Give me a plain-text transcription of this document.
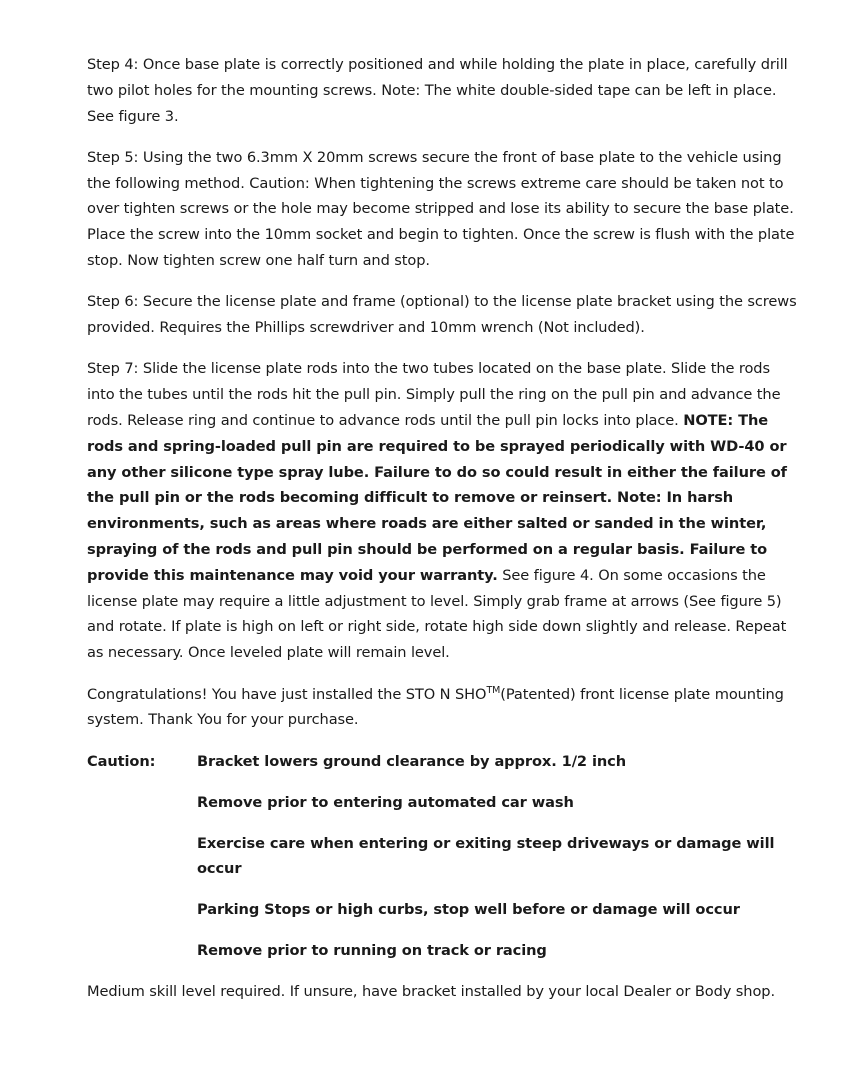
Step 4: Once base plate is correctly positioned and while holding the plate in place, carefully drill two pilot holes for the mounting screws. Note: The white double-sided tape can be left in place. See figure 3.

Step 5: Using the two 6.3mm X 20mm screws secure the front of base plate to the vehicle using the following method. Caution: When tightening the screws extreme care should be taken not to over tighten screws or the hole may become stripped and lose its ability to secure the base plate. Place the screw into the 10mm socket and begin to tighten. Once the screw is flush with the plate stop. Now tighten screw one half turn and stop.

Step 6: Secure the license plate and frame (optional) to the license plate bracket using the screws provided. Requires the Phillips screwdriver and 10mm wrench (Not included).

Step 7: Slide the license plate rods into the two tubes located on the base plate. Slide the rods into the tubes until the rods hit the pull pin. Simply pull the ring on the pull pin and advance the rods. Release ring and continue to advance rods until the pull pin locks into place. NOTE: The rods and spring-loaded pull pin are required to be sprayed periodically with WD-40 or any other silicone type spray lube. Failure to do so could result in either the failure of the pull pin or the rods becoming difficult to remove or reinsert. Note: In harsh environments, such as areas where roads are either salted or sanded in the winter, spraying of the rods and pull pin should be performed on a regular basis. Failure to provide this maintenance may void your warranty. See figure 4. On some occasions the license plate may require a little adjustment to level. Simply grab frame at arrows (See figure 5) and rotate. If plate is high on left or right side, rotate high side down slightly and release. Repeat as necessary. Once leveled plate will remain level.

Congratulations! You have just installed the STO N SHO™(Patented) front license plate mounting system. Thank You for your purchase.

Caution:	Bracket lowers ground clearance by approx. 1/2 inch
Remove prior to entering automated car wash
Exercise care when entering or exiting steep driveways or damage will occur
Parking Stops or high curbs, stop well before or damage will occur
Remove prior to running on track or racing

Medium skill level required. If unsure, have bracket installed by your local Dealer or Body shop.
